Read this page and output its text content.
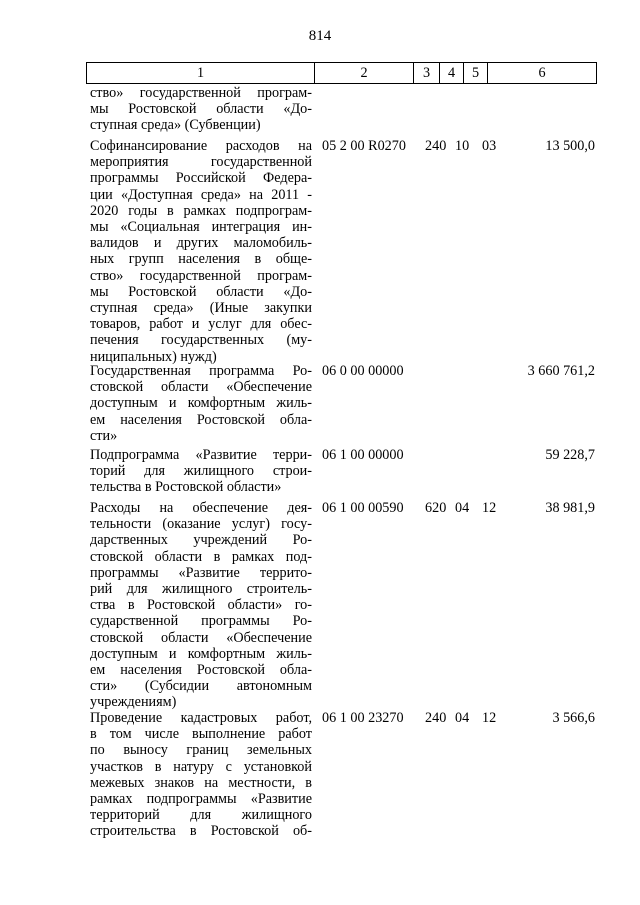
814
1	2	3	4	5	6
ство» государственной програм-
мы Ростовской области «До-
ступная среда» (Субвенции)
Софинансирование расходов на
мероприятия государственной
программы Российской Федера-
ции «Доступная среда» на 2011 -
2020 годы в рамках подпрограм-
мы «Социальная интеграция ин-
валидов и других маломобиль-
ных групп населения в обще-
ство» государственной програм-
мы Ростовской области «До-
ступная среда» (Иные закупки
товаров, работ и услуг для обес-
печения государственных (му-
ниципальных) нужд)
05 2 00 R0270	240 10 03	13 500,0
Государственная программа Ро-
стовской области «Обеспечение
доступным и комфортным жиль-
ем населения Ростовской обла-
сти»
06 0 00 00000	3 660 761,2
Подпрограмма «Развитие терри-
торий для жилищного строи-
тельства в Ростовской области»
06 1 00 00000	59 228,7
Расходы на обеспечение дея-
тельности (оказание услуг) госу-
дарственных учреждений Ро-
стовской области в рамках под-
программы «Развитие террито-
рий для жилищного строитель-
ства в Ростовской области» го-
сударственной программы Ро-
стовской области «Обеспечение
доступным и комфортным жиль-
ем населения Ростовской обла-
сти» (Субсидии автономным
учреждениям)
06 1 00 00590	620 04 12	38 981,9
Проведение кадастровых работ,
в том числе выполнение работ
по выносу границ земельных
участков в натуру с установкой
межевых знаков на местности, в
рамках подпрограммы «Развитие
территорий для жилищного
строительства в Ростовской об-
06 1 00 23270	240 04 12	3 566,6
